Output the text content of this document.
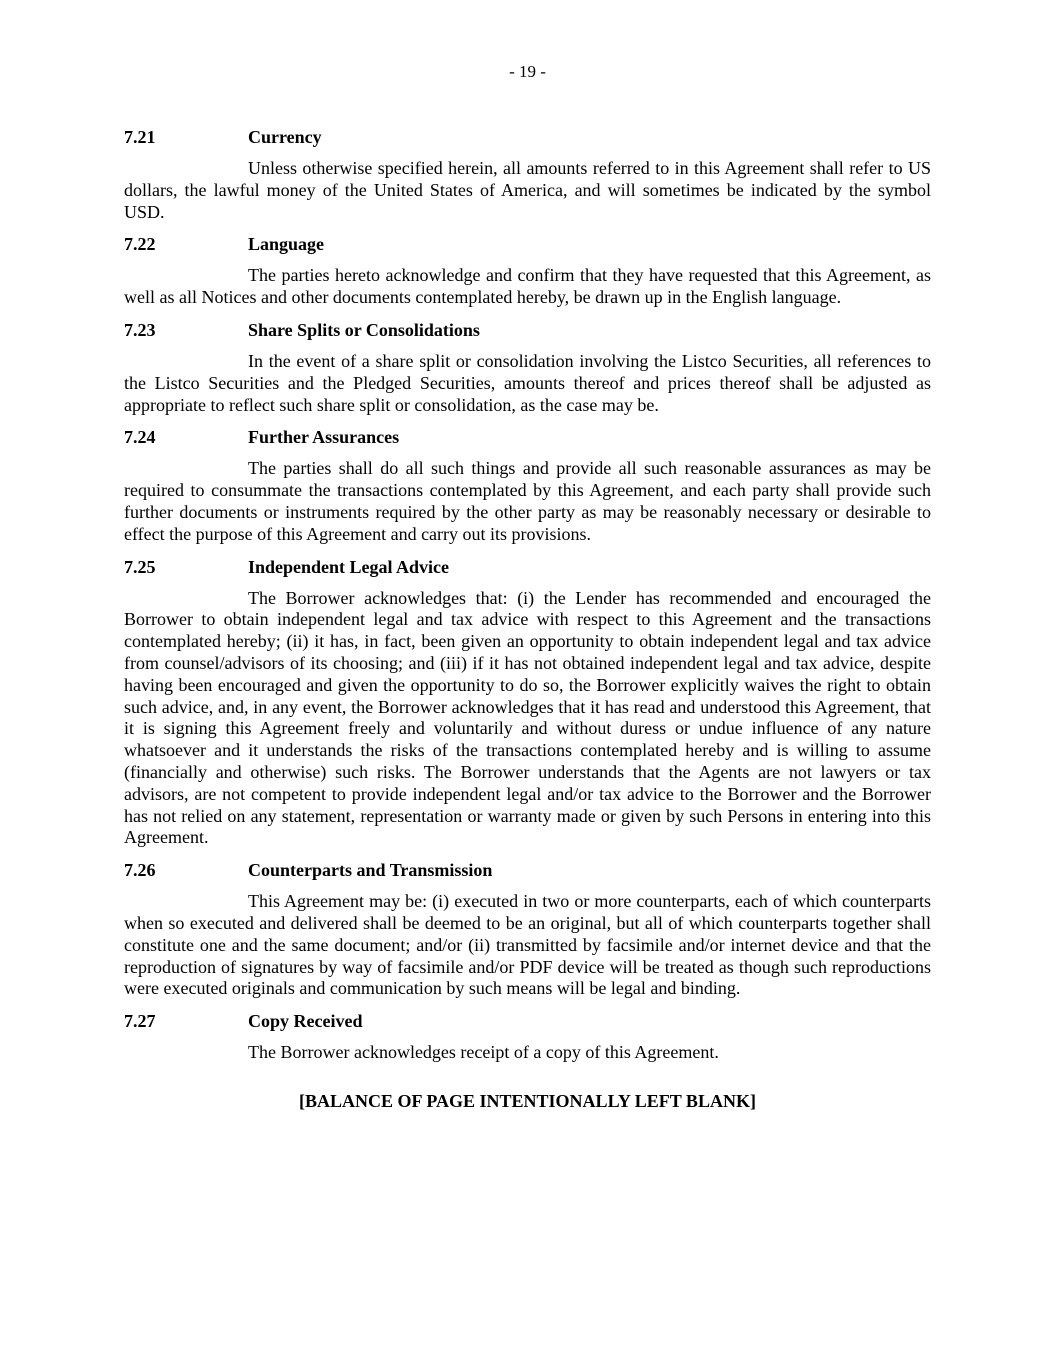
- 19 -
7.21	Currency

Unless otherwise specified herein, all amounts referred to in this Agreement shall refer to US dollars, the lawful money of the United States of America, and will sometimes be indicated by the symbol USD.

7.22	Language

The parties hereto acknowledge and confirm that they have requested that this Agreement, as well as all Notices and other documents contemplated hereby, be drawn up in the English language.

7.23	Share Splits or Consolidations

In the event of a share split or consolidation involving the Listco Securities, all references to the Listco Securities and the Pledged Securities, amounts thereof and prices thereof shall be adjusted as appropriate to reflect such share split or consolidation, as the case may be.

7.24	Further Assurances

The parties shall do all such things and provide all such reasonable assurances as may be required to consummate the transactions contemplated by this Agreement, and each party shall provide such further documents or instruments required by the other party as may be reasonably necessary or desirable to effect the purpose of this Agreement and carry out its provisions.

7.25	Independent Legal Advice

The Borrower acknowledges that: (i) the Lender has recommended and encouraged the Borrower to obtain independent legal and tax advice with respect to this Agreement and the transactions contemplated hereby; (ii) it has, in fact, been given an opportunity to obtain independent legal and tax advice from counsel/advisors of its choosing; and (iii) if it has not obtained independent legal and tax advice, despite having been encouraged and given the opportunity to do so, the Borrower explicitly waives the right to obtain such advice, and, in any event, the Borrower acknowledges that it has read and understood this Agreement, that it is signing this Agreement freely and voluntarily and without duress or undue influence of any nature whatsoever and it understands the risks of the transactions contemplated hereby and is willing to assume (financially and otherwise) such risks. The Borrower understands that the Agents are not lawyers or tax advisors, are not competent to provide independent legal and/or tax advice to the Borrower and the Borrower has not relied on any statement, representation or warranty made or given by such Persons in entering into this Agreement.

7.26	Counterparts and Transmission

This Agreement may be: (i) executed in two or more counterparts, each of which counterparts when so executed and delivered shall be deemed to be an original, but all of which counterparts together shall constitute one and the same document; and/or (ii) transmitted by facsimile and/or internet device and that the reproduction of signatures by way of facsimile and/or PDF device will be treated as though such reproductions were executed originals and communication by such means will be legal and binding.

7.27	Copy Received

The Borrower acknowledges receipt of a copy of this Agreement.

[BALANCE OF PAGE INTENTIONALLY LEFT BLANK]
